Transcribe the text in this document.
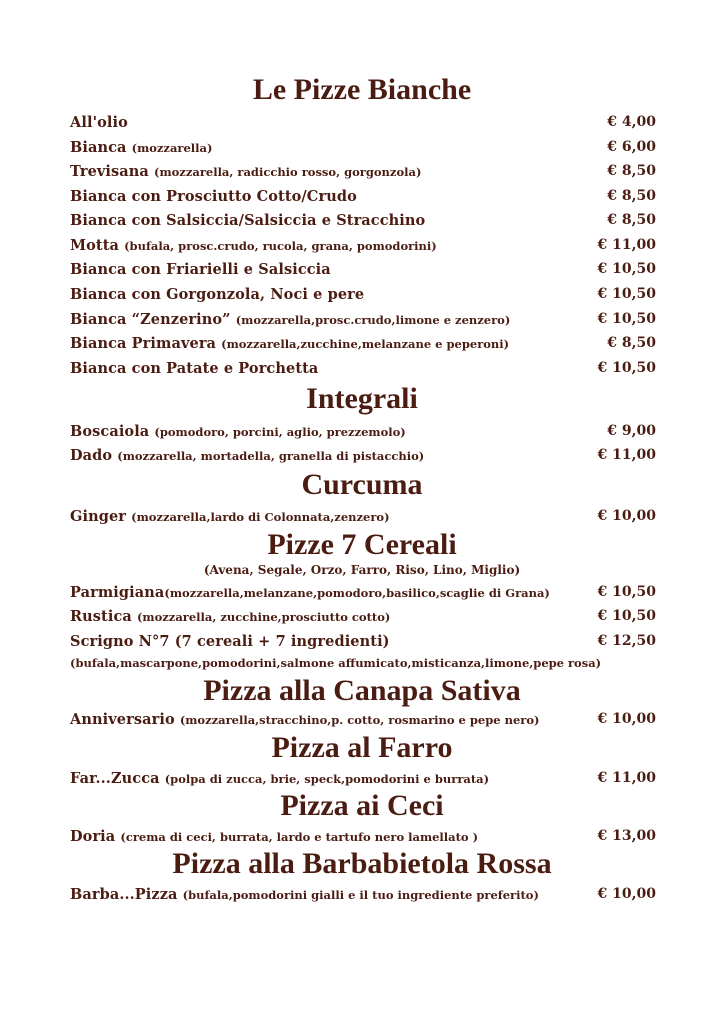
Le Pizze Bianche
All'olio	€ 4,00
Bianca (mozzarella)	€ 6,00
Trevisana (mozzarella, radicchio rosso, gorgonzola)	€ 8,50
Bianca con Prosciutto Cotto/Crudo	€ 8,50
Bianca con Salsiccia/Salsiccia e Stracchino	€ 8,50
Motta (bufala, prosc.crudo, rucola, grana, pomodorini)	€ 11,00
Bianca con Friarielli e Salsiccia	€ 10,50
Bianca con Gorgonzola, Noci e pere	€ 10,50
Bianca “Zenzerino” (mozzarella,prosc.crudo,limone e zenzero)	€ 10,50
Bianca Primavera (mozzarella,zucchine,melanzane e peperoni)	€ 8,50
Bianca con Patate e Porchetta	€ 10,50
Integrali
Boscaiola (pomodoro, porcini, aglio, prezzemolo)	€ 9,00
Dado (mozzarella, mortadella, granella di pistacchio)	€ 11,00
Curcuma
Ginger (mozzarella,lardo di Colonnata,zenzero)	€ 10,00
Pizze 7 Cereali
(Avena, Segale, Orzo, Farro, Riso, Lino, Miglio)
Parmigiana(mozzarella,melanzane,pomodoro,basilico,scaglie di Grana)	€ 10,50
Rustica (mozzarella, zucchine,prosciutto cotto)	€ 10,50
Scrigno N°7 (7 cereali + 7 ingredienti)	€ 12,50
(bufala,mascarpone,pomodorini,salmone affumicato,misticanza,limone,pepe rosa)
Pizza alla Canapa Sativa
Anniversario (mozzarella,stracchino,p. cotto, rosmarino e pepe nero)	€ 10,00
Pizza al Farro
Far...Zucca (polpa di zucca, brie, speck,pomodorini e burrata)	€ 11,00
Pizza ai Ceci
Doria (crema di ceci, burrata, lardo e tartufo nero lamellato )	€ 13,00
Pizza alla Barbabietola Rossa
Barba...Pizza (bufala,pomodorini gialli e il tuo ingrediente preferito)	€ 10,00
